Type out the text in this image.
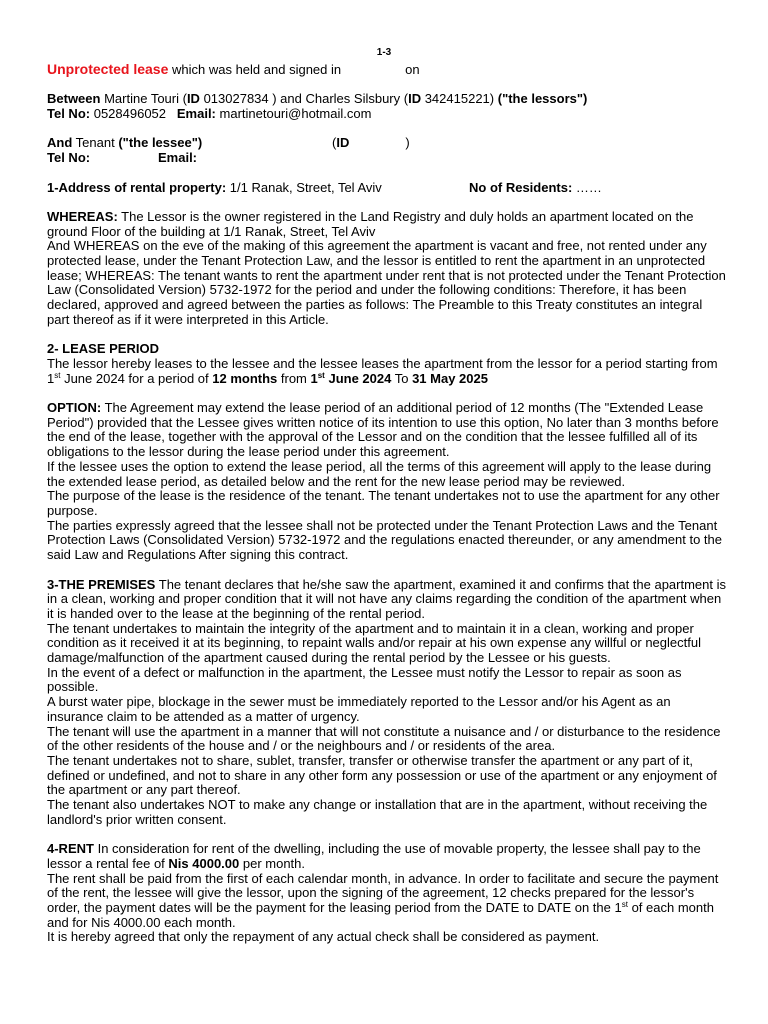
1-3

Unprotected lease which was held and signed in	on

Between Martine Touri (ID 013027834 ) and Charles Silsbury (ID 342415221) ("the lessors")

Tel No: 0528496052 Email: martinetouri@hotmail.com

And Tenant ("the lessee")	(ID	)

Tel No:	Email:

1-Address of rental property: 1/1 Ranak, Street, Tel Aviv	No of Residents: ……

WHEREAS: The Lessor is the owner registered in the Land Registry and duly holds an apartment located on the ground Floor of the building at 1/1 Ranak, Street, Tel Aviv

And WHEREAS on the eve of the making of this agreement the apartment is vacant and free, not rented under any protected lease, under the Tenant Protection Law, and the lessor is entitled to rent the apartment in an unprotected lease; WHEREAS: The tenant wants to rent the apartment under rent that is not protected under the Tenant Protection Law (Consolidated Version) 5732-1972 for the period and under the following conditions: Therefore, it has been declared, approved and agreed between the parties as follows: The Preamble to this Treaty constitutes an integral part thereof as if it were interpreted in this Article.

2- LEASE PERIOD

The lessor hereby leases to the lessee and the lessee leases the apartment from the lessor for a period starting from 1st June 2024 for a period of 12 months from 1st June 2024 To 31 May 2025

OPTION: The Agreement may extend the lease period of an additional period of 12 months (The "Extended Lease Period") provided that the Lessee gives written notice of its intention to use this option, No later than 3 months before the end of the lease, together with the approval of the Lessor and on the condition that the lessee fulfilled all of its obligations to the lessor during the lease period under this agreement.

If the lessee uses the option to extend the lease period, all the terms of this agreement will apply to the lease during the extended lease period, as detailed below and the rent for the new lease period may be reviewed.

The purpose of the lease is the residence of the tenant. The tenant undertakes not to use the apartment for any other purpose.

The parties expressly agreed that the lessee shall not be protected under the Tenant Protection Laws and the Tenant Protection Laws (Consolidated Version) 5732-1972 and the regulations enacted thereunder, or any amendment to the said Law and Regulations After signing this contract.

3-THE PREMISES The tenant declares that he/she saw the apartment, examined it and confirms that the apartment is in a clean, working and proper condition that it will not have any claims regarding the condition of the apartment when it is handed over to the lease at the beginning of the rental period.

The tenant undertakes to maintain the integrity of the apartment and to maintain it in a clean, working and proper condition as it received it at its beginning, to repaint walls and/or repair at his own expense any willful or neglectful damage/malfunction of the apartment caused during the rental period by the Lessee or his guests.

In the event of a defect or malfunction in the apartment, the Lessee must notify the Lessor to repair as soon as possible.

A burst water pipe, blockage in the sewer must be immediately reported to the Lessor and/or his Agent as an insurance claim to be attended as a matter of urgency.

The tenant will use the apartment in a manner that will not constitute a nuisance and / or disturbance to the residence of the other residents of the house and / or the neighbours and / or residents of the area.

The tenant undertakes not to share, sublet, transfer, transfer or otherwise transfer the apartment or any part of it, defined or undefined, and not to share in any other form any possession or use of the apartment or any enjoyment of the apartment or any part thereof.

The tenant also undertakes NOT to make any change or installation that are in the apartment, without receiving the landlord's prior written consent.

4-RENT In consideration for rent of the dwelling, including the use of movable property, the lessee shall pay to the lessor a rental fee of Nis 4000.00 per month.

The rent shall be paid from the first of each calendar month, in advance. In order to facilitate and secure the payment of the rent, the lessee will give the lessor, upon the signing of the agreement, 12 checks prepared for the lessor's order, the payment dates will be the payment for the leasing period from the DATE to DATE on the 1st of each month and for Nis 4000.00 each month.

It is hereby agreed that only the repayment of any actual check shall be considered as payment.
